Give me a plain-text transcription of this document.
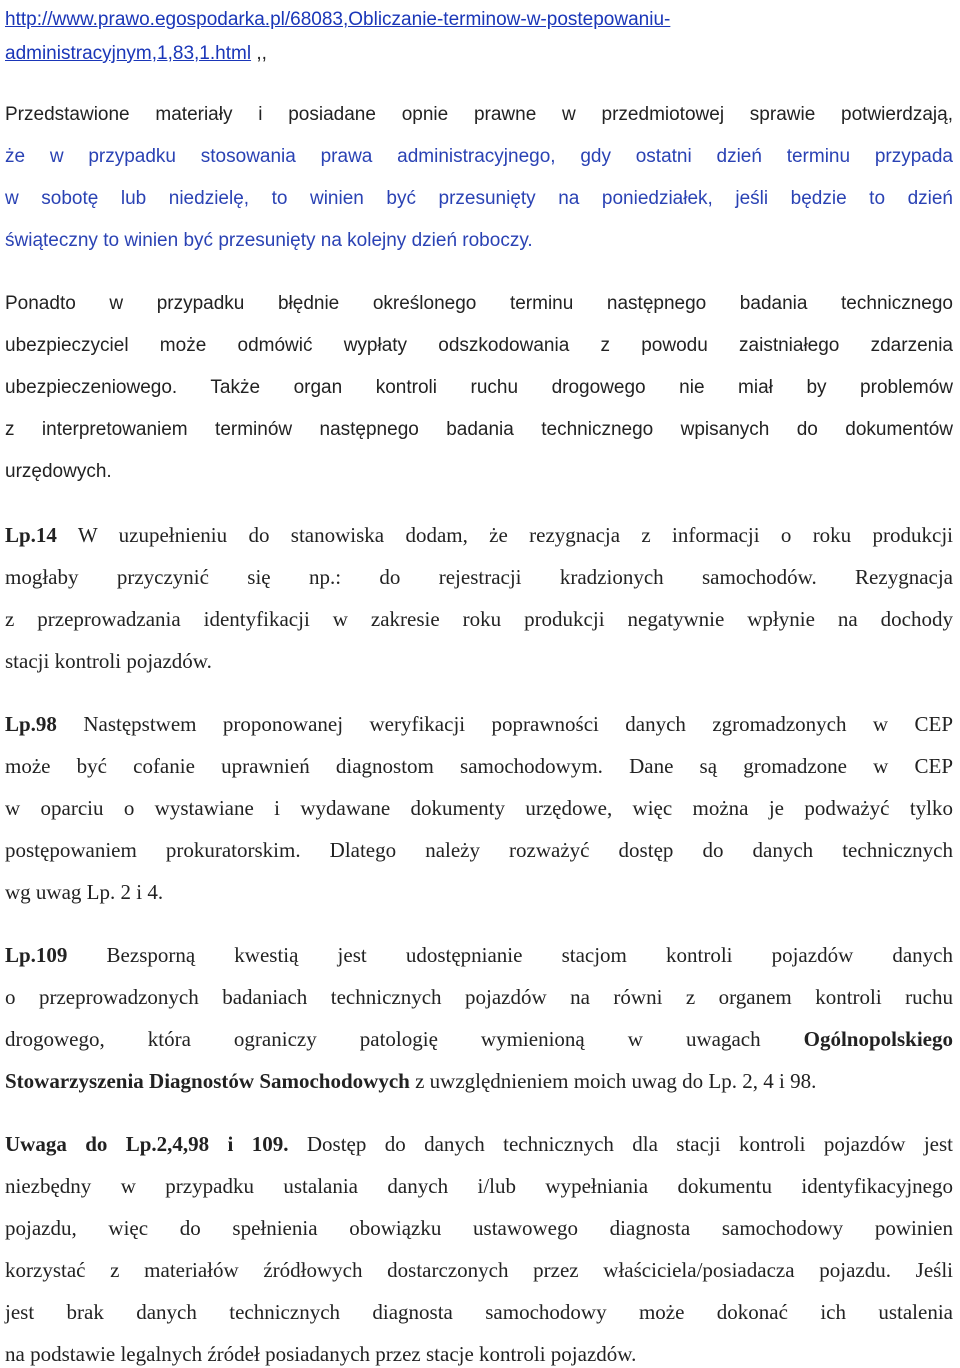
http://www.prawo.egospodarka.pl/68083,Obliczanie-terminow-w-postepowaniu-
administracyjnym,1,83,1.html ,,
Przedstawione materiały i posiadane opnie prawne w przedmiotowej sprawie potwierdzają,
że w przypadku stosowania prawa administracyjnego, gdy ostatni dzień terminu przypada
w sobotę lub niedzielę, to winien być przesunięty na poniedziałek, jeśli będzie to dzień
świąteczny to winien być przesunięty na kolejny dzień roboczy.
Ponadto w przypadku błędnie określonego terminu następnego badania technicznego
ubezpieczyciel może odmówić wypłaty odszkodowania z powodu zaistniałego zdarzenia
ubezpieczeniowego. Także organ kontroli ruchu drogowego nie miał by problemów
z interpretowaniem terminów następnego badania technicznego wpisanych do dokumentów
urzędowych.
Lp.14 W uzupełnieniu do stanowiska dodam, że rezygnacja z informacji o roku produkcji
mogłaby przyczynić się np.: do rejestracji kradzionych samochodów. Rezygnacja
z przeprowadzania identyfikacji w zakresie roku produkcji negatywnie wpłynie na dochody
stacji kontroli pojazdów.
Lp.98 Następstwem proponowanej weryfikacji poprawności danych zgromadzonych w CEP
może być cofanie uprawnień diagnostom samochodowym. Dane są gromadzone w CEP
w oparciu o wystawiane i wydawane dokumenty urzędowe, więc można je podważyć tylko
postępowaniem prokuratorskim. Dlatego należy rozważyć dostęp do danych technicznych
wg uwag Lp. 2 i 4.
Lp.109 Bezsporną kwestią jest udostępnianie stacjom kontroli pojazdów danych
o przeprowadzonych badaniach technicznych pojazdów na równi z organem kontroli ruchu
drogowego, która ograniczy patologię wymienioną w uwagach Ogólnopolskiego
Stowarzyszenia Diagnostów Samochodowych z uwzględnieniem moich uwag do Lp. 2, 4 i 98.
Uwaga do Lp.2,4,98 i 109. Dostęp do danych technicznych dla stacji kontroli pojazdów jest
niezbędny w przypadku ustalania danych i/lub wypełniania dokumentu identyfikacyjnego
pojazdu, więc do spełnienia obowiązku ustawowego diagnosta samochodowy powinien
korzystać z materiałów źródłowych dostarczonych przez właściciela/posiadacza pojazdu. Jeśli
jest brak danych technicznych diagnosta samochodowy może dokonać ich ustalenia
na podstawie legalnych źródeł posiadanych przez stacje kontroli pojazdów.
